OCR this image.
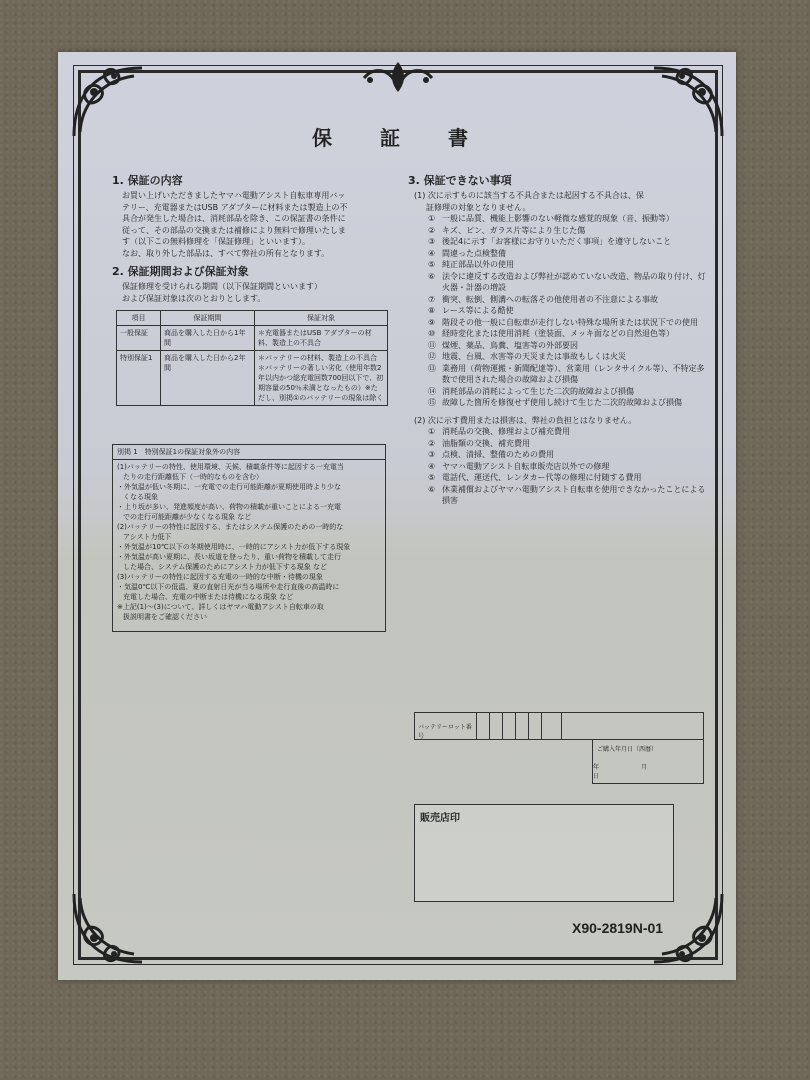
保　証　書
1. 保証の内容
お買い上げいただきましたヤマハ電動アシスト自転車専用バッ
テリー、充電器またはUSB アダプターに材料または製造上の不
具合が発生した場合は、消耗部品を除き、この保証書の条件に
従って、その部品の交換または補修により無料で修理いたしま
す（以下この無料修理を「保証修理」といいます）。
なお、取り外した部品は、すべて弊社の所有となります。
2. 保証期間および保証対象
保証修理を受けられる期間（以下保証期間といいます）
および保証対象は次のとおりとします。
項目	保証期間	保証対象
一般保証	商品を購入した日から1年間	＊充電器またはUSB アダプターの材料、製造上の不具合
特別保証1	商品を購入した日から2年間	＊バッテリーの材料、製造上の不具合　＊バッテリーの著しい劣化（使用年数2年以内かつ総充電回数700回以下で、初期容量の50％未満となったもの）※ただし、別掲①のバッテリーの現象は除く
別掲 1　特別保証1の保証対象外の内容
(1)バッテリーの特性、使用環境、天候、積載条件等に起因する一充電当
たりの走行距離低下（一時的なものを含む）
・外気温が低い冬期に、一充電での走行可能距離が夏期使用時より少な
くなる現象
・上り坂が多い、発進頻度が高い、荷物の積載が重いことによる一充電
での走行可能距離が少なくなる現象 など
(2)バッテリーの特性に起因する、またはシステム保護のための一時的な
アシスト力低下
・外気温が10℃以下の冬期使用時に、一時的にアシスト力が低下する現象
・外気温が高い夏期に、長い坂道を登ったり、重い荷物を積載して走行
した場合、システム保護のためにアシスト力が低下する現象 など
(3)バッテリーの特性に起因する充電の一時的な中断・待機の現象
・気温0℃以下の低温、夏の直射日光が当る場所や走行直後の高温時に
充電した場合、充電の中断または待機になる現象 など
※上記(1)〜(3)について、詳しくはヤマハ電動アシスト自転車の取
扱説明書をご確認ください
3. 保証できない事項
(1) 次に示すものに該当する不具合または起因する不具合は、保
証修理の対象となりません。
① 一般に品質、機能上影響のない軽微な感覚的現象（音、振動等）
② キズ、ピン、ガラス片等により生じた傷
③ 後記4に示す「お客様にお守りいただく事項」を遵守しないこと
④ 間違った点検整備
⑤ 純正部品以外の使用
⑥ 法令に違反する改造および弊社が認めていない改造、物品の取り付け、灯火器・計器の増設
⑦ 衝突、転倒、側溝への転落その他使用者の不注意による事故
⑧ レース等による酷使
⑨ 階段その他一般に自転車が走行しない特殊な場所または状況下での使用
⑩ 経時変化または使用消耗（塗装面、メッキ面などの自然退色等）
⑪ 煤煙、薬品、鳥糞、塩害等の外部要因
⑫ 地震、台風、水害等の天災または事故もしくは火災
⑬ 業務用（荷物運搬・新聞配達等）、営業用（レンタサイクル等）、不特定多数で使用された場合の故障および損傷
⑭ 消耗部品の消耗によって生じた二次的故障および損傷
⑮ 故障した箇所を修復せず使用し続けて生じた二次的故障および損傷
(2) 次に示す費用または損害は、弊社の負担とはなりません。
① 消耗品の交換、修理および補充費用
② 油脂類の交換、補充費用
③ 点検、清掃、整備のための費用
④ ヤマハ電動アシスト自転車販売店以外での修理
⑤ 電話代、運送代、レンタカー代等の修理に付随する費用
⑥ 休業補償およびヤマハ電動アシスト自転車を使用できなかったことによる損害
バッテリーロット番号
ご購入年月日（西暦）
年　月　日
販売店印
X90-2819N-01
